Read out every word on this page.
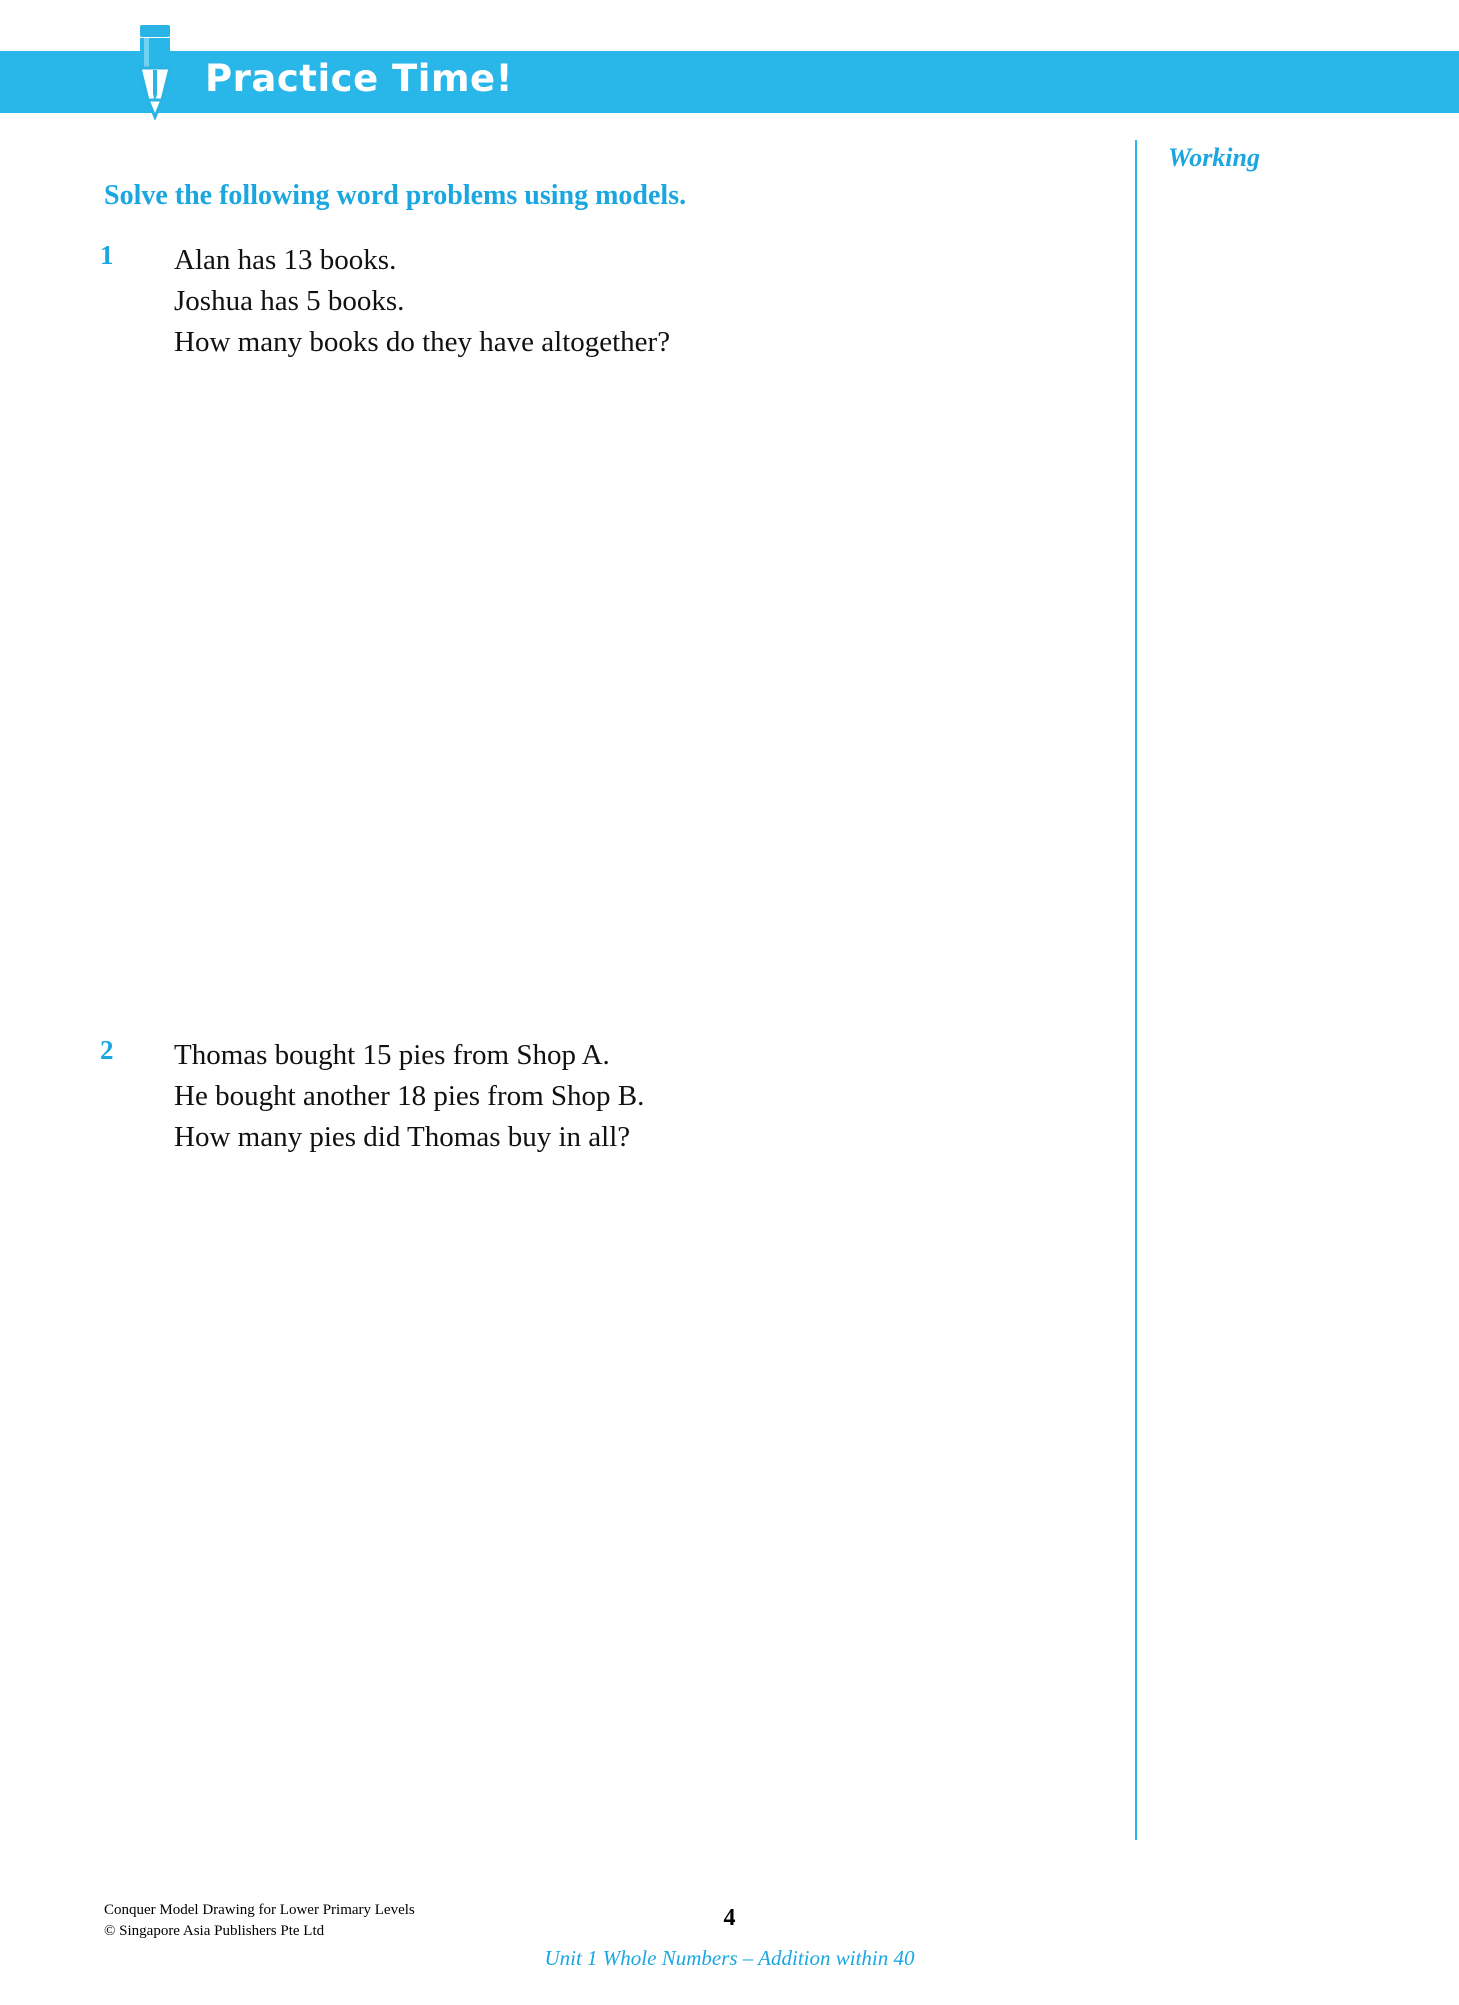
Practice Time!
Working
Solve the following word problems using models.
1	Alan has 13 books.
Joshua has 5 books.
How many books do they have altogether?
2	Thomas bought 15 pies from Shop A.
He bought another 18 pies from Shop B.
How many pies did Thomas buy in all?
Conquer Model Drawing for Lower Primary Levels
© Singapore Asia Publishers Pte Ltd	4
Unit 1 Whole Numbers – Addition within 40
